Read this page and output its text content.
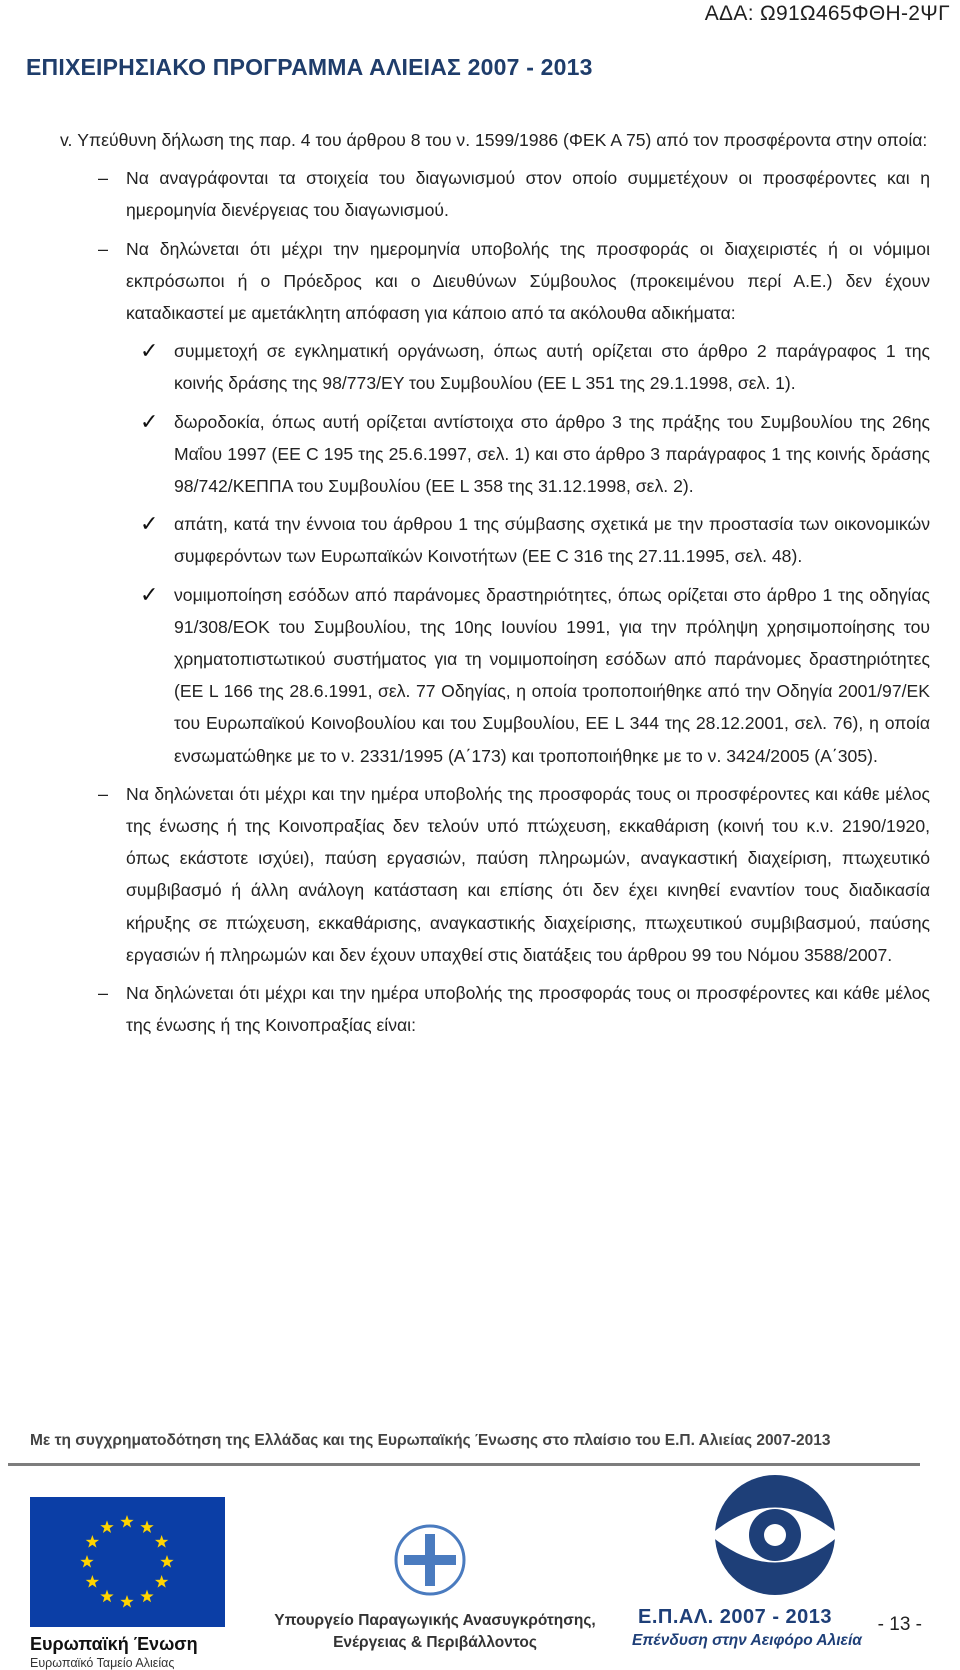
ΑΔΑ: Ω91Ω465ΦΘΗ-2ΨΓ
ΕΠΙΧΕΙΡΗΣΙΑΚΟ ΠΡΟΓΡΑΜΜΑ ΑΛΙΕΙΑΣ 2007 - 2013

v. Υπεύθυνη δήλωση της παρ. 4 του άρθρου 8 του ν. 1599/1986 (ΦΕΚ Α 75) από τον προσφέροντα στην οποία:

– Να αναγράφονται τα στοιχεία του διαγωνισμού στον οποίο συμμετέχουν οι προσφέροντες και η ημερομηνία διενέργειας του διαγωνισμού.
– Να δηλώνεται ότι μέχρι την ημερομηνία υποβολής της προσφοράς οι διαχειριστές ή οι νόμιμοι εκπρόσωποι ή ο Πρόεδρος και ο Διευθύνων Σύμβουλος (προκειμένου περί Α.Ε.) δεν έχουν καταδικαστεί με αμετάκλητη απόφαση για κάποιο από τα ακόλουθα αδικήματα:
✓ συμμετοχή σε εγκληματική οργάνωση, όπως αυτή ορίζεται στο άρθρο 2 παράγραφος 1 της κοινής δράσης της 98/773/ΕΥ του Συμβουλίου (ΕΕ L 351 της 29.1.1998, σελ. 1).
✓ δωροδοκία, όπως αυτή ορίζεται αντίστοιχα στο άρθρο 3 της πράξης του Συμβουλίου της 26ης Μαΐου 1997 (ΕΕ C 195 της 25.6.1997, σελ. 1) και στο άρθρο 3 παράγραφος 1 της κοινής δράσης 98/742/ΚΕΠΠΑ του Συμβουλίου (ΕΕ L 358 της 31.12.1998, σελ. 2).
✓ απάτη, κατά την έννοια του άρθρου 1 της σύμβασης σχετικά με την προστασία των οικονομικών συμφερόντων των Ευρωπαϊκών Κοινοτήτων (ΕΕ C 316 της 27.11.1995, σελ. 48).
✓ νομιμοποίηση εσόδων από παράνομες δραστηριότητες, όπως ορίζεται στο άρθρο 1 της οδηγίας 91/308/ΕΟΚ του Συμβουλίου, της 10ης Ιουνίου 1991, για την πρόληψη χρησιμοποίησης του χρηματοπιστωτικού συστήματος για τη νομιμοποίηση εσόδων από παράνομες δραστηριότητες (ΕΕ L 166 της 28.6.1991, σελ. 77 Οδηγίας, η οποία τροποποιήθηκε από την Οδηγία 2001/97/ΕΚ του Ευρωπαϊκού Κοινοβουλίου και του Συμβουλίου, ΕΕ L 344 της 28.12.2001, σελ. 76), η οποία ενσωματώθηκε με το ν. 2331/1995 (Α΄173) και τροποποιήθηκε με το ν. 3424/2005 (Α΄305).
– Να δηλώνεται ότι μέχρι και την ημέρα υποβολής της προσφοράς τους οι προσφέροντες και κάθε μέλος της ένωσης ή της Κοινοπραξίας δεν τελούν υπό πτώχευση, εκκαθάριση (κοινή του κ.ν. 2190/1920, όπως εκάστοτε ισχύει), παύση εργασιών, παύση πληρωμών, αναγκαστική διαχείριση, πτωχευτικό συμβιβασμό ή άλλη ανάλογη κατάσταση και επίσης ότι δεν έχει κινηθεί εναντίον τους διαδικασία κήρυξης σε πτώχευση, εκκαθάρισης, αναγκαστικής διαχείρισης, πτωχευτικού συμβιβασμού, παύσης εργασιών ή πληρωμών και δεν έχουν υπαχθεί στις διατάξεις του άρθρου 99 του Νόμου 3588/2007.
– Να δηλώνεται ότι μέχρι και την ημέρα υποβολής της προσφοράς τους οι προσφέροντες και κάθε μέλος της ένωσης ή της Κοινοπραξίας είναι:
Με τη συγχρηματοδότηση της Ελλάδας και της Ευρωπαϊκής Ένωσης στο πλαίσιο του Ε.Π. Αλιείας 2007-2013
Ευρωπαϊκή Ένωση
Ευρωπαϊκό Ταμείο Αλιείας
Υπουργείο Παραγωγικής Ανασυγκρότησης,
Ενέργειας & Περιβάλλοντος
Ε.Π.ΑΛ. 2007 - 2013
Επένδυση στην Αειφόρο Αλιεία
- 13 -
